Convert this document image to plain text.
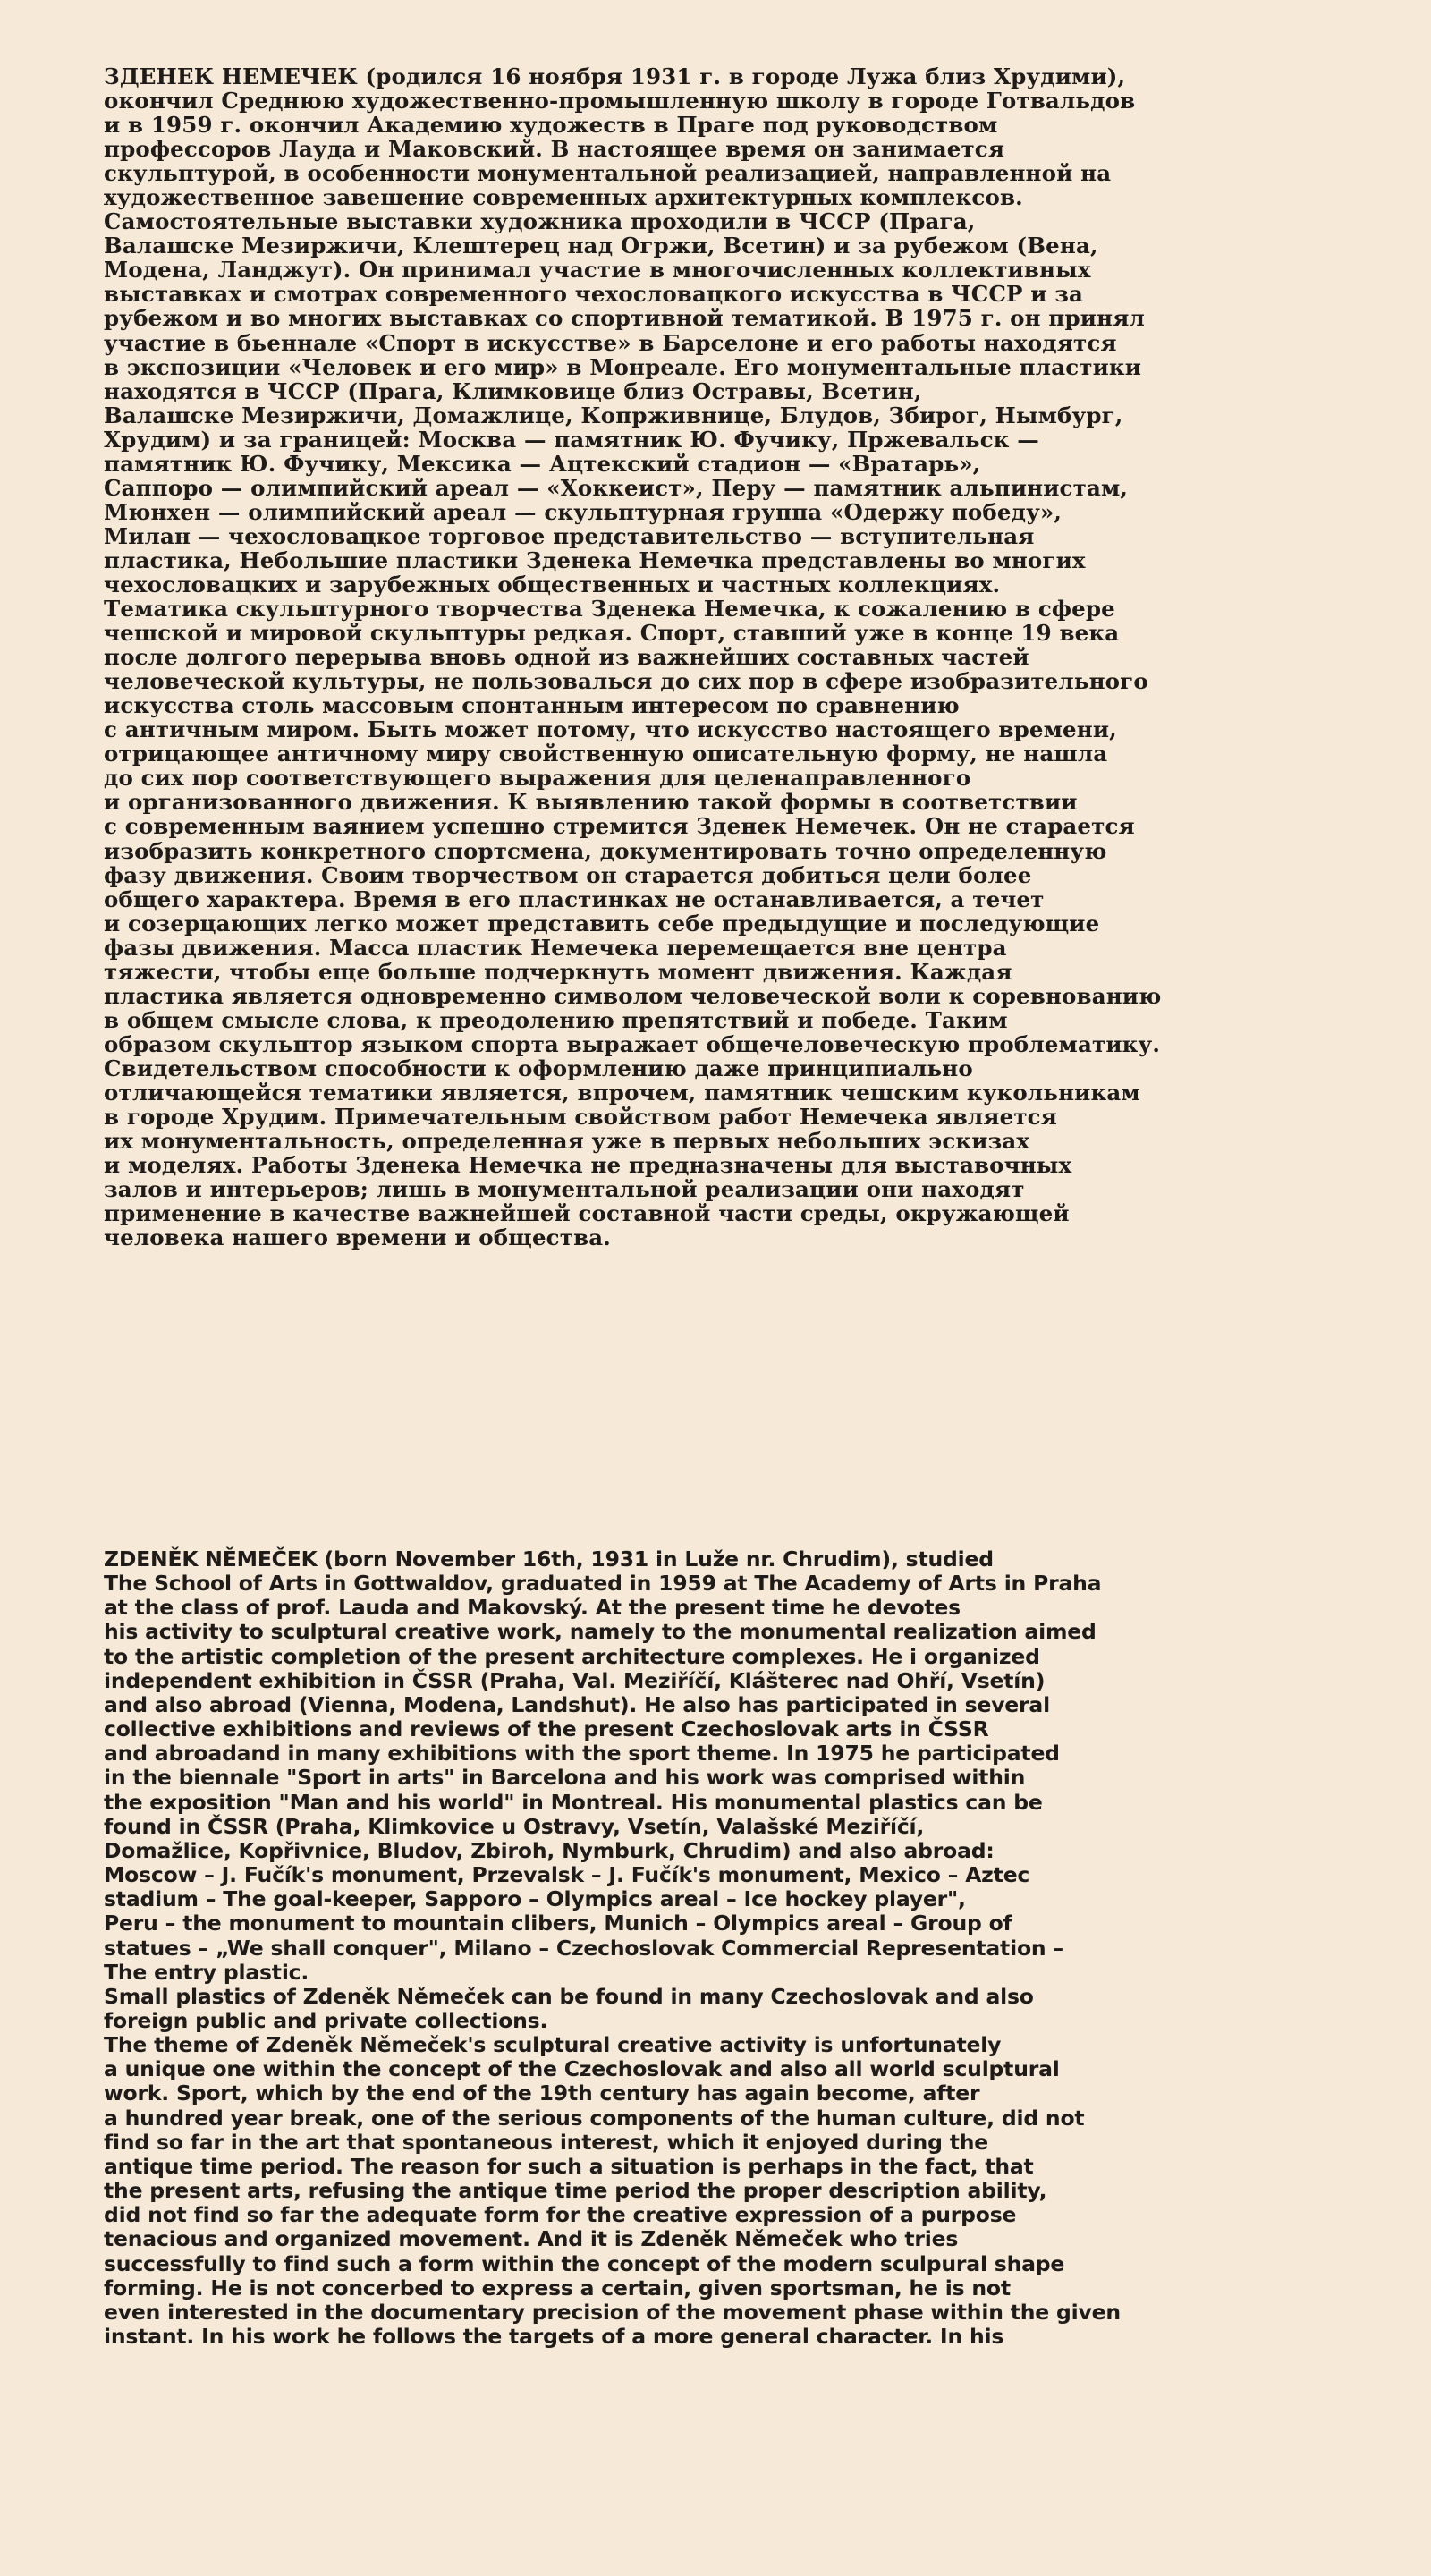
ЗДЕНЕК НЕМЕЧЕК (родился 16 ноября 1931 г. в городе Лужа близ Хрудими),
окончил Среднюю художественно-промышленную школу в городе Готвальдов
и в 1959 г. окончил Академию художеств в Праге под руководством
профессоров Лауда и Маковский. В настоящее время он занимается
скульптурой, в особенности монументальной реализацией, направленной на
художественное завешение современных архитектурных комплексов.
Самостоятельные выставки художника проходили в ЧССР (Прага,
Валашске Мезиржичи, Клештерец над Огржи, Всетин) и за рубежом (Вена,
Модена, Ланджут). Он принимал участие в многочисленных коллективных
выставках и смотрах современного чехословацкого искусства в ЧССР и за
рубежом и во многих выставках со спортивной тематикой. В 1975 г. он принял
участие в бьеннале «Спорт в искусстве» в Барселоне и его работы находятся
в экспозиции «Человек и его мир» в Монреале. Его монументальные пластики
находятся в ЧССР (Прага, Климковице близ Остравы, Всетин,
Валашске Мезиржичи, Домажлице, Копрживнице, Блудов, Збирог, Нымбург,
Хрудим) и за границей: Москва — памятник Ю. Фучику, Пржевальск —
памятник Ю. Фучику, Мексика — Ацтекский стадион — «Вратарь»,
Саппоро — олимпийский ареал — «Хоккеист», Перу — памятник альпинистам,
Мюнхен — олимпийский ареал — скульптурная группа «Одержу победу»,
Милан — чехословацкое торговое представительство — вступительная
пластика, Небольшие пластики Зденека Немечка представлены во многих
чехословацких и зарубежных общественных и частных коллекциях.
Тематика скульптурного творчества Зденека Немечка, к сожалению в сфере
чешской и мировой скульптуры редкая. Спорт, ставший уже в конце 19 века
после долгого перерыва вновь одной из важнейших составных частей
человеческой культуры, не пользовалься до сих пор в сфере изобразительного
искусства столь массовым спонтанным интересом по сравнению
с античным миром. Быть может потому, что искусство настоящего времени,
отрицающее античному миру свойственную описательную форму, не нашла
до сих пор соответствующего выражения для целенаправленного
и организованного движения. К выявлению такой формы в соответствии
с современным ваянием успешно стремится Зденек Немечек. Он не старается
изобразить конкретного спортсмена, документировать точно определенную
фазу движения. Своим творчеством он старается добиться цели более
общего характера. Время в его пластинках не останавливается, а течет
и созерцающих легко может представить себе предыдущие и последующие
фазы движения. Масса пластик Немечека перемещается вне центра
тяжести, чтобы еще больше подчеркнуть момент движения. Каждая
пластика является одновременно символом человеческой воли к соревнованию
в общем смысле слова, к преодолению препятствий и победе. Таким
образом скульптор языком спорта выражает общечеловеческую проблематику.
Свидетельством способности к оформлению даже принципиально
отличающейся тематики является, впрочем, памятник чешским кукольникам
в городе Хрудим. Примечательным свойством работ Немечека является
их монументальность, определенная уже в первых небольших эскизах
и моделях. Работы Зденека Немечка не предназначены для выставочных
залов и интерьеров; лишь в монументальной реализации они находят
применение в качестве важнейшей составной части среды, окружающей
человека нашего времени и общества.
ZDENĚK NĚMEČEK (born November 16th, 1931 in Luže nr. Chrudim), studied
The School of Arts in Gottwaldov, graduated in 1959 at The Academy of Arts in Praha
at the class of prof. Lauda and Makovský. At the present time he devotes
his activity to sculptural creative work, namely to the monumental realization aimed
to the artistic completion of the present architecture complexes. He i organized
independent exhibition in ČSSR (Praha, Val. Meziříčí, Klášterec nad Ohří, Vsetín)
and also abroad (Vienna, Modena, Landshut). He also has participated in several
collective exhibitions and reviews of the present Czechoslovak arts in ČSSR
and abroadand in many exhibitions with the sport theme. In 1975 he participated
in the biennale "Sport in arts" in Barcelona and his work was comprised within
the exposition "Man and his world" in Montreal. His monumental plastics can be
found in ČSSR (Praha, Klimkovice u Ostravy, Vsetín, Valašské Meziříčí,
Domažlice, Kopřivnice, Bludov, Zbiroh, Nymburk, Chrudim) and also abroad:
Moscow – J. Fučík's monument, Przevalsk – J. Fučík's monument, Mexico – Aztec
stadium – The goal-keeper, Sapporo – Olympics areal – Ice hockey player",
Peru – the monument to mountain clibers, Munich – Olympics areal – Group of
statues – „We shall conquer", Milano – Czechoslovak Commercial Representation –
The entry plastic.
Small plastics of Zdeněk Němeček can be found in many Czechoslovak and also
foreign public and private collections.
The theme of Zdeněk Němeček's sculptural creative activity is unfortunately
a unique one within the concept of the Czechoslovak and also all world sculptural
work. Sport, which by the end of the 19th century has again become, after
a hundred year break, one of the serious components of the human culture, did not
find so far in the art that spontaneous interest, which it enjoyed during the
antique time period. The reason for such a situation is perhaps in the fact, that
the present arts, refusing the antique time period the proper description ability,
did not find so far the adequate form for the creative expression of a purpose
tenacious and organized movement. And it is Zdeněk Němeček who tries
successfully to find such a form within the concept of the modern sculpural shape
forming. He is not concerbed to express a certain, given sportsman, he is not
even interested in the documentary precision of the movement phase within the given
instant. In his work he follows the targets of a more general character. In his
